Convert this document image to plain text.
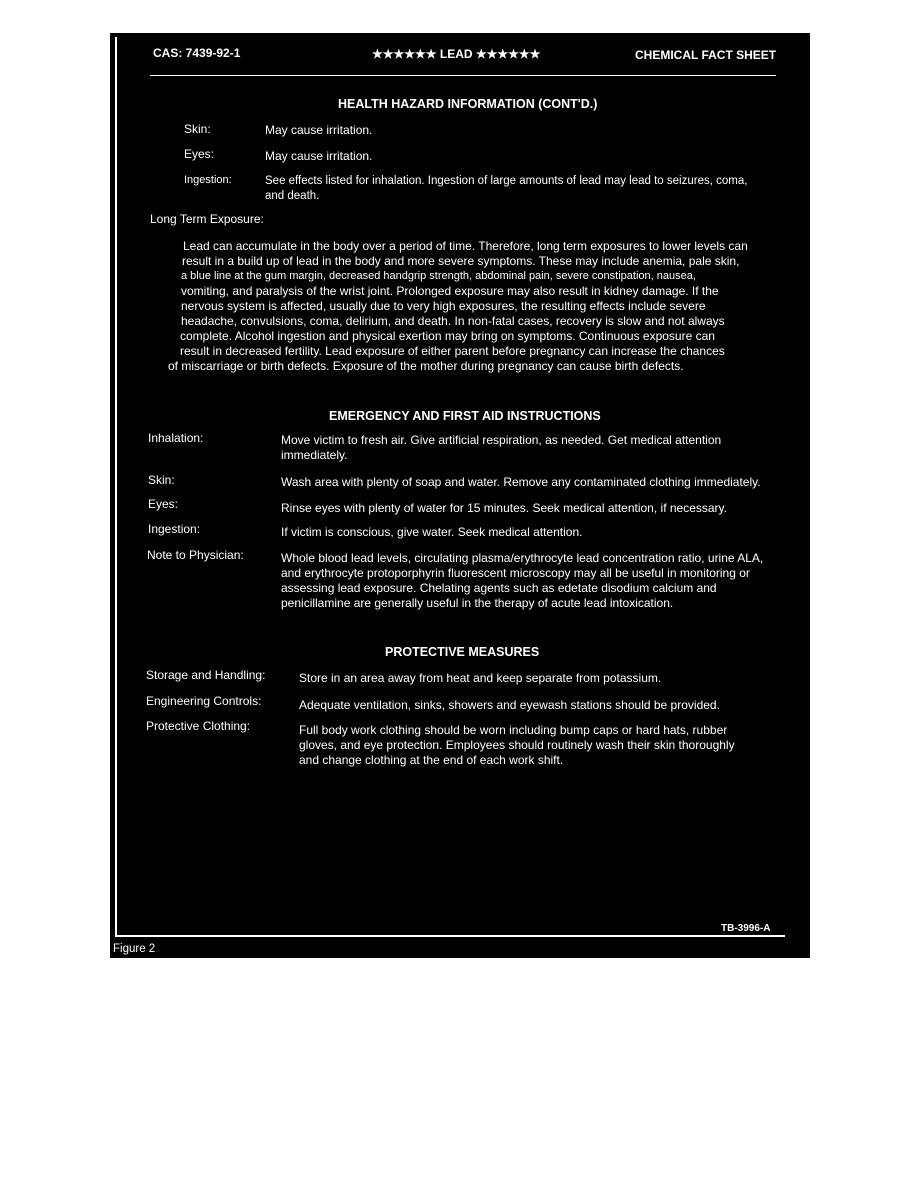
CAS: 7439-92-1	★★★★★★ LEAD ★★★★★★	CHEMICAL FACT SHEET
HEALTH HAZARD INFORMATION (CONT'D.)
Skin:	May cause irritation.
Eyes:	May cause irritation.
Ingestion:	See effects listed for inhalation. Ingestion of large amounts of lead may lead to seizures, coma, and death.
Long Term Exposure:
Lead can accumulate in the body over a period of time. Therefore, long term exposures to lower levels can
result in a build up of lead in the body and more severe symptoms. These may include anemia, pale skin,
a blue line at the gum margin, decreased handgrip strength, abdominal pain, severe constipation, nausea,
vomiting, and paralysis of the wrist joint. Prolonged exposure may also result in kidney damage. If the
nervous system is affected, usually due to very high exposures, the resulting effects include severe
headache, convulsions, coma, delirium, and death. In non-fatal cases, recovery is slow and not always
complete. Alcohol ingestion and physical exertion may bring on symptoms. Continuous exposure can
result in decreased fertility. Lead exposure of either parent before pregnancy can increase the chances
of miscarriage or birth defects. Exposure of the mother during pregnancy can cause birth defects.
EMERGENCY AND FIRST AID INSTRUCTIONS
Inhalation:	Move victim to fresh air. Give artificial respiration, as needed. Get medical attention immediately.
Skin:	Wash area with plenty of soap and water. Remove any contaminated clothing immediately.
Eyes:	Rinse eyes with plenty of water for 15 minutes. Seek medical attention, if necessary.
Ingestion:	If victim is conscious, give water. Seek medical attention.
Note to Physician:	Whole blood lead levels, circulating plasma/erythrocyte lead concentration ratio, urine ALA, and erythrocyte protoporphyrin fluorescent microscopy may all be useful in monitoring or assessing lead exposure. Chelating agents such as edetate disodium calcium and penicillamine are generally useful in the therapy of acute lead intoxication.
PROTECTIVE MEASURES
Storage and Handling:	Store in an area away from heat and keep separate from potassium.
Engineering Controls:	Adequate ventilation, sinks, showers and eyewash stations should be provided.
Protective Clothing:	Full body work clothing should be worn including bump caps or hard hats, rubber gloves, and eye protection. Employees should routinely wash their skin thoroughly and change clothing at the end of each work shift.
TB-3996-A
Figure 2
